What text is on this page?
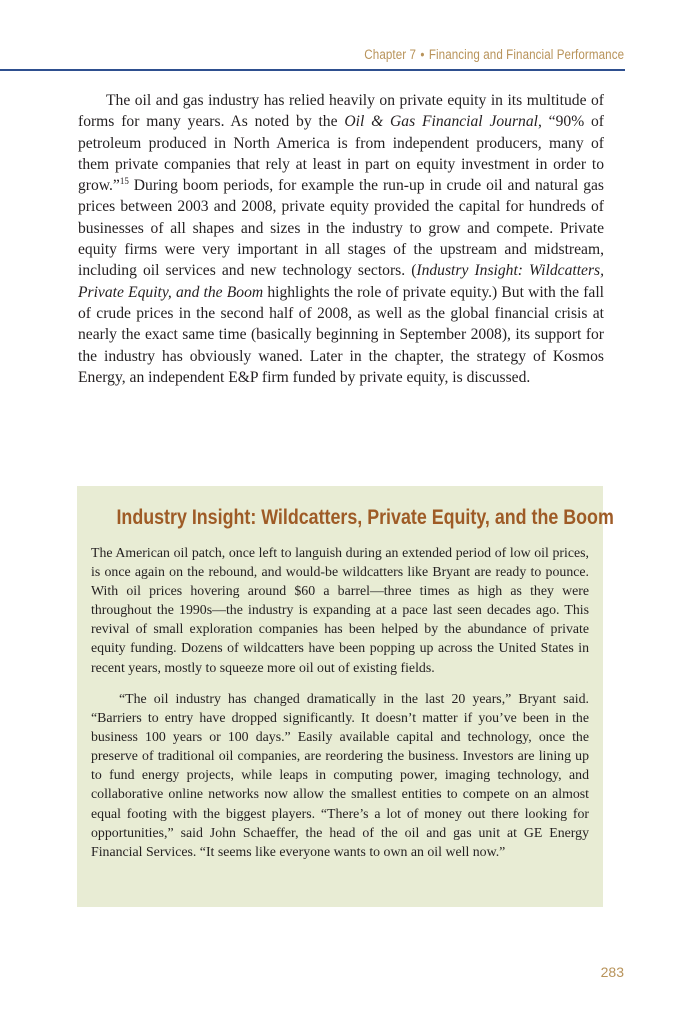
Chapter 7 • Financing and Financial Performance

The oil and gas industry has relied heavily on private equity in its multitude of forms for many years. As noted by the Oil & Gas Financial Journal, “90% of petroleum produced in North America is from independent producers, many of them private companies that rely at least in part on equity investment in order to grow.”$^{15}$ During boom periods, for example the run-up in crude oil and natural gas prices between 2003 and 2008, private equity provided the capital for hundreds of businesses of all shapes and sizes in the industry to grow and compete. Private equity firms were very important in all stages of the upstream and midstream, including oil services and new technology sectors. (Industry Insight: Wildcatters, Private Equity, and the Boom highlights the role of private equity.) But with the fall of crude prices in the second half of 2008, as well as the global financial crisis at nearly the exact same time (basically beginning in September 2008), its support for the industry has obviously waned. Later in the chapter, the strategy of Kosmos Energy, an independent E&P firm funded by private equity, is discussed.

Industry Insight: Wildcatters, Private Equity, and the Boom

The American oil patch, once left to languish during an extended period of low oil prices, is once again on the rebound, and would-be wildcatters like Bryant are ready to pounce. With oil prices hovering around $60 a barrel—three times as high as they were throughout the 1990s—the industry is expanding at a pace last seen decades ago. This revival of small exploration companies has been helped by the abundance of private equity funding. Dozens of wildcatters have been popping up across the United States in recent years, mostly to squeeze more oil out of existing fields.

“The oil industry has changed dramatically in the last 20 years,” Bryant said. “Barriers to entry have dropped significantly. It doesn’t matter if you’ve been in the business 100 years or 100 days.” Easily available capital and technology, once the preserve of traditional oil companies, are reordering the business. Investors are lining up to fund energy projects, while leaps in computing power, imaging technology, and collaborative online networks now allow the smallest entities to compete on an almost equal footing with the biggest players. “There’s a lot of money out there looking for opportunities,” said John Schaeffer, the head of the oil and gas unit at GE Energy Financial Services. “It seems like everyone wants to own an oil well now.”

283
